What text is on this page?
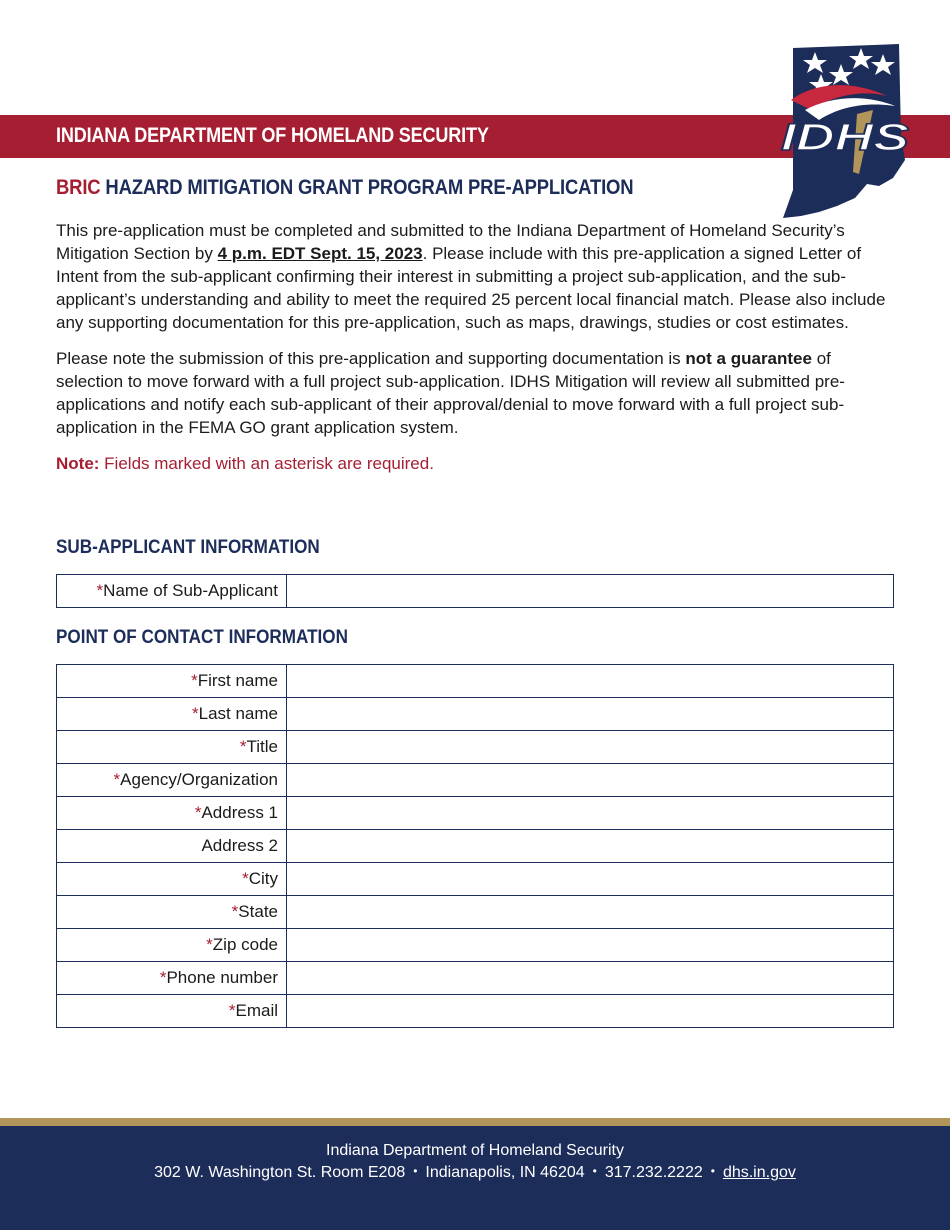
INDIANA DEPARTMENT OF HOMELAND SECURITY	IDHS
BRIC HAZARD MITIGATION GRANT PROGRAM PRE-APPLICATION

This pre-application must be completed and submitted to the Indiana Department of Homeland Security’s Mitigation Section by 4 p.m. EDT Sept. 15, 2023. Please include with this pre-application a signed Letter of Intent from the sub-applicant confirming their interest in submitting a project sub-application, and the sub-applicant’s understanding and ability to meet the required 25 percent local financial match. Please also include any supporting documentation for this pre-application, such as maps, drawings, studies or cost estimates.

Please note the submission of this pre-application and supporting documentation is not a guarantee of selection to move forward with a full project sub-application. IDHS Mitigation will review all submitted pre-applications and notify each sub-applicant of their approval/denial to move forward with a full project sub-application in the FEMA GO grant application system.

Note: Fields marked with an asterisk are required.

SUB-APPLICANT INFORMATION
*Name of Sub-Applicant	
POINT OF CONTACT INFORMATION
*First name	
*Last name	
*Title	
*Agency/Organization	
*Address 1	
Address 2	
*City	
*State	
*Zip code	
*Phone number	
*Email	
Indiana Department of Homeland Security
302 W. Washington St. Room E208 • Indianapolis, IN 46204 • 317.232.2222 • dhs.in.gov
